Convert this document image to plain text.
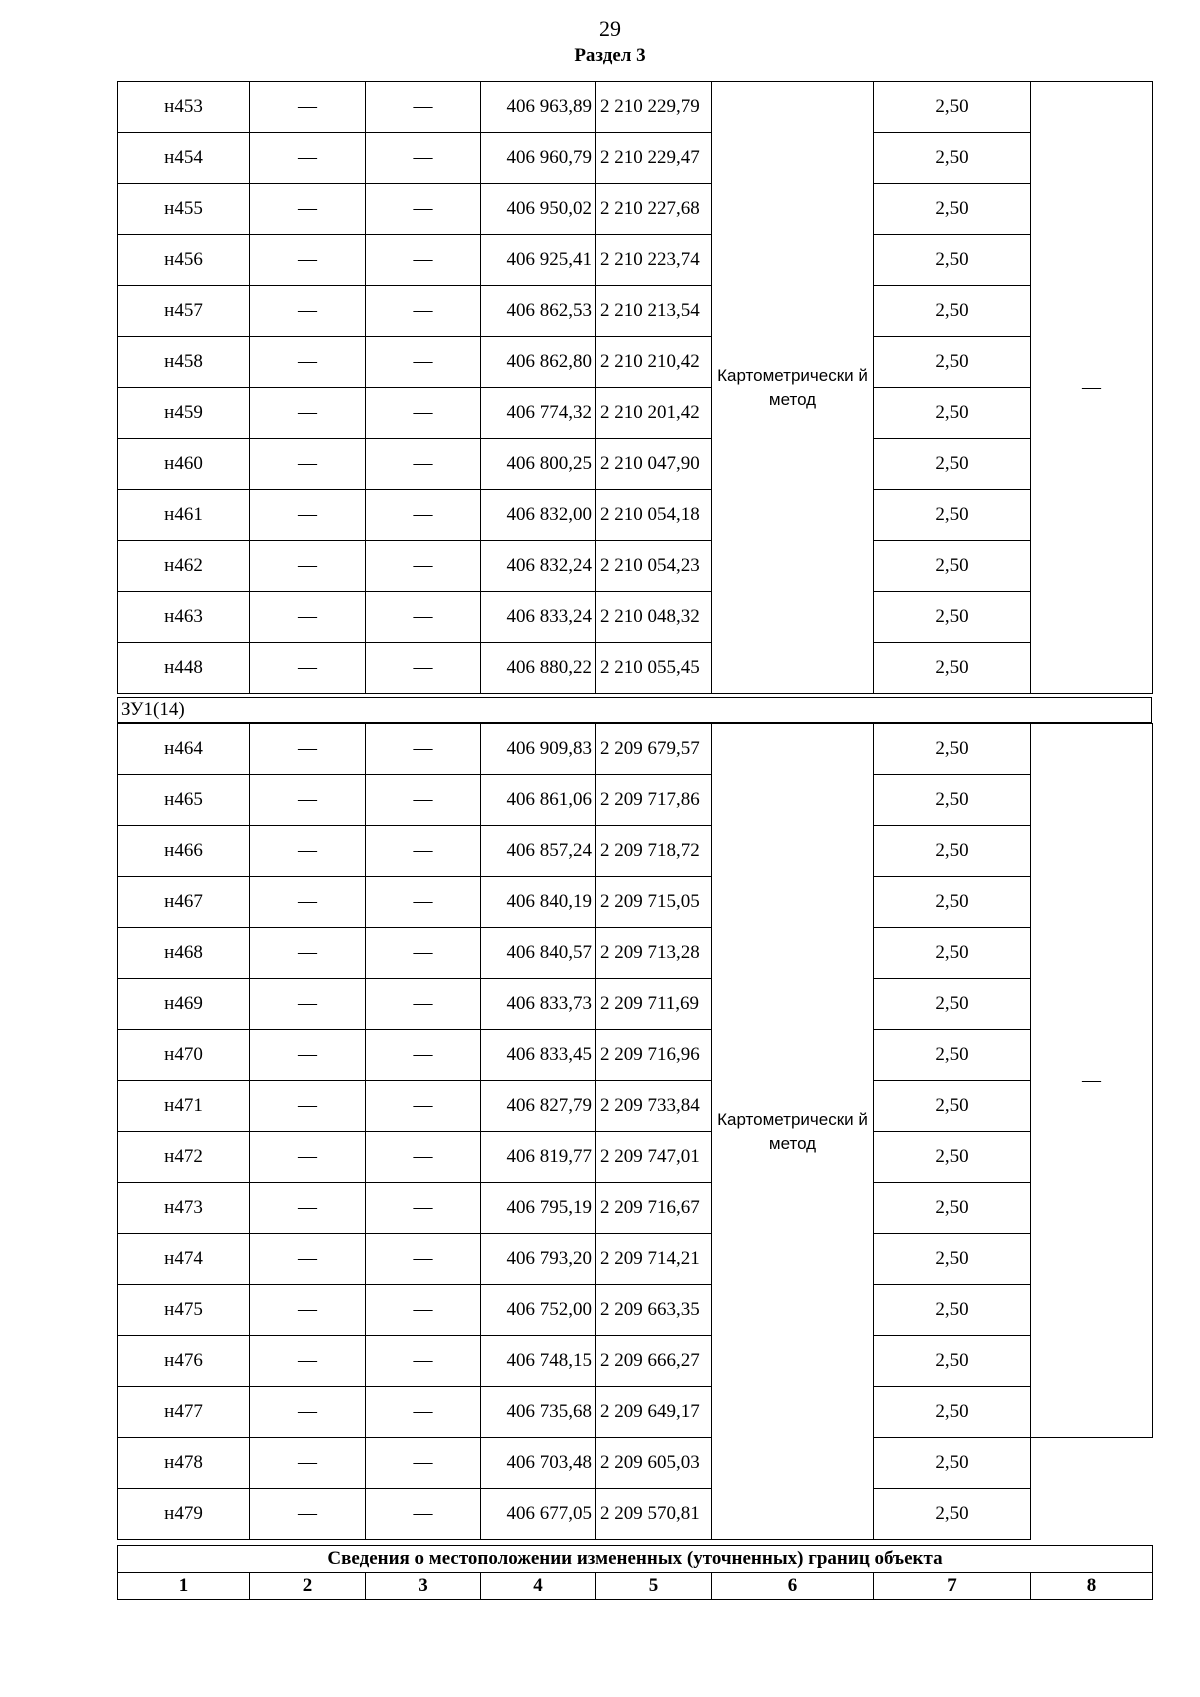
29
Раздел 3
н453	—	—	406 963,89	2 210 229,79	Картометрически й метод	2,50	—
н454	—	—	406 960,79	2 210 229,47		2,50	
н455	—	—	406 950,02	2 210 227,68		2,50	
н456	—	—	406 925,41	2 210 223,74		2,50	
н457	—	—	406 862,53	2 210 213,54		2,50	
н458	—	—	406 862,80	2 210 210,42		2,50	
н459	—	—	406 774,32	2 210 201,42		2,50	
н460	—	—	406 800,25	2 210 047,90		2,50	
н461	—	—	406 832,00	2 210 054,18		2,50	
н462	—	—	406 832,24	2 210 054,23		2,50	
н463	—	—	406 833,24	2 210 048,32		2,50	
н448	—	—	406 880,22	2 210 055,45		2,50	
ЗУ1(14)
н464	—	—	406 909,83	2 209 679,57	Картометрически й метод	2,50	—
н465	—	—	406 861,06	2 209 717,86		2,50	
н466	—	—	406 857,24	2 209 718,72		2,50	
н467	—	—	406 840,19	2 209 715,05		2,50	
н468	—	—	406 840,57	2 209 713,28		2,50	
н469	—	—	406 833,73	2 209 711,69		2,50	
н470	—	—	406 833,45	2 209 716,96		2,50	
н471	—	—	406 827,79	2 209 733,84		2,50	
н472	—	—	406 819,77	2 209 747,01		2,50	
н473	—	—	406 795,19	2 209 716,67		2,50	
н474	—	—	406 793,20	2 209 714,21		2,50	
н475	—	—	406 752,00	2 209 663,35		2,50	
н476	—	—	406 748,15	2 209 666,27		2,50	
н477	—	—	406 735,68	2 209 649,17		2,50	
н478	—	—	406 703,48	2 209 605,03		2,50	
н479	—	—	406 677,05	2 209 570,81		2,50	
Сведения о местоположении измененных (уточненных) границ объекта
1	2	3	4	5	6	7	8
